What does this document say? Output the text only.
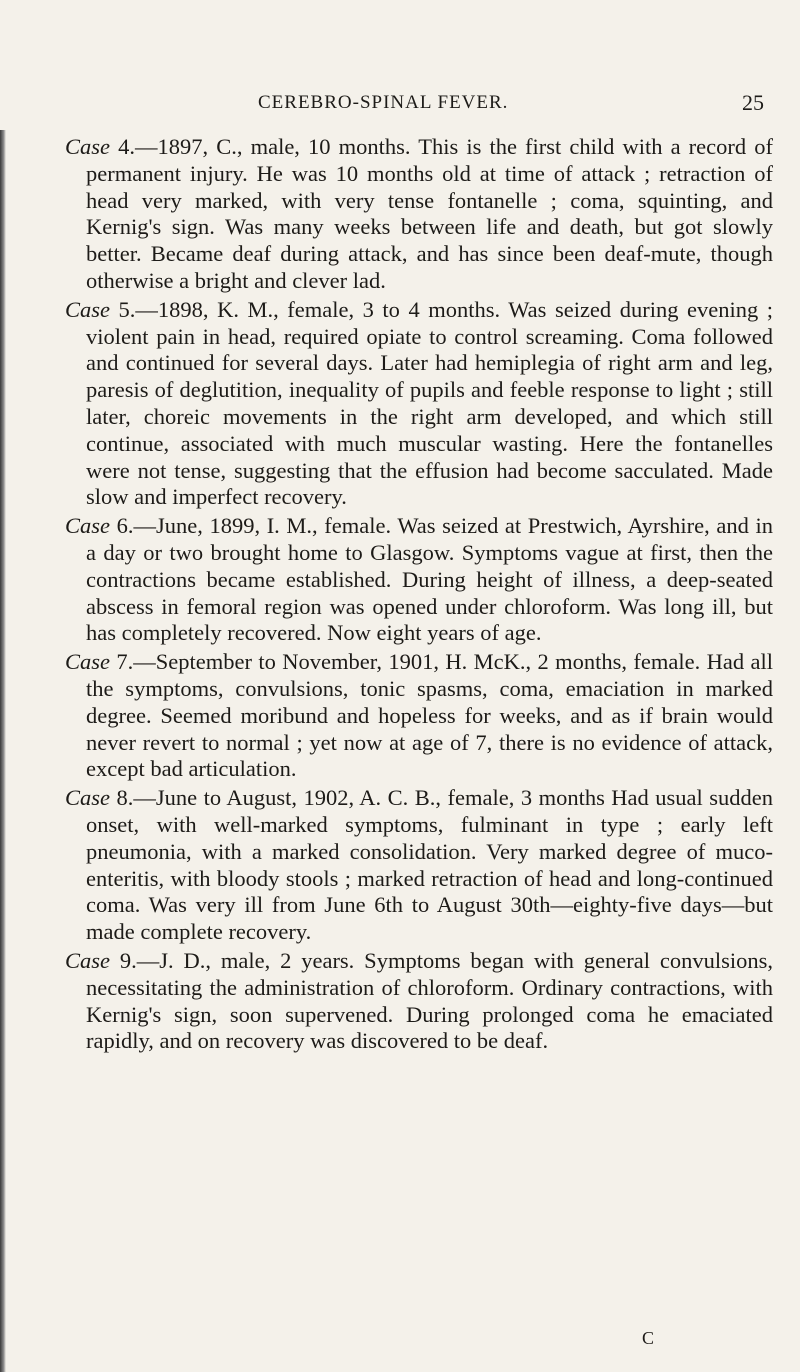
CEREBRO-SPINAL FEVER.	25

Case 4.—1897, C., male, 10 months. This is the first child with a record of permanent injury. He was 10 months old at time of attack ; retraction of head very marked, with very tense fontanelle ; coma, squinting, and Kernig's sign. Was many weeks between life and death, but got slowly better. Became deaf during attack, and has since been deaf-mute, though otherwise a bright and clever lad.

Case 5.—1898, K. M., female, 3 to 4 months. Was seized during evening ; violent pain in head, required opiate to control screaming. Coma followed and continued for several days. Later had hemiplegia of right arm and leg, paresis of deglutition, inequality of pupils and feeble response to light ; still later, choreic movements in the right arm developed, and which still continue, associated with much muscular wasting. Here the fontanelles were not tense, suggesting that the effusion had become sacculated. Made slow and imperfect recovery.

Case 6.—June, 1899, I. M., female. Was seized at Prestwich, Ayrshire, and in a day or two brought home to Glasgow. Symptoms vague at first, then the contractions became established. During height of illness, a deep-seated abscess in femoral region was opened under chloroform. Was long ill, but has completely recovered. Now eight years of age.

Case 7.—September to November, 1901, H. McK., 2 months, female. Had all the symptoms, convulsions, tonic spasms, coma, emaciation in marked degree. Seemed moribund and hopeless for weeks, and as if brain would never revert to normal ; yet now at age of 7, there is no evidence of attack, except bad articulation.

Case 8.—June to August, 1902, A. C. B., female, 3 months Had usual sudden onset, with well-marked symptoms, fulminant in type ; early left pneumonia, with a marked consolidation. Very marked degree of muco-enteritis, with bloody stools ; marked retraction of head and long-continued coma. Was very ill from June 6th to August 30th—eighty-five days—but made complete recovery.

Case 9.—J. D., male, 2 years. Symptoms began with general convulsions, necessitating the administration of chloroform. Ordinary contractions, with Kernig's sign, soon supervened. During prolonged coma he emaciated rapidly, and on recovery was discovered to be deaf.

C
